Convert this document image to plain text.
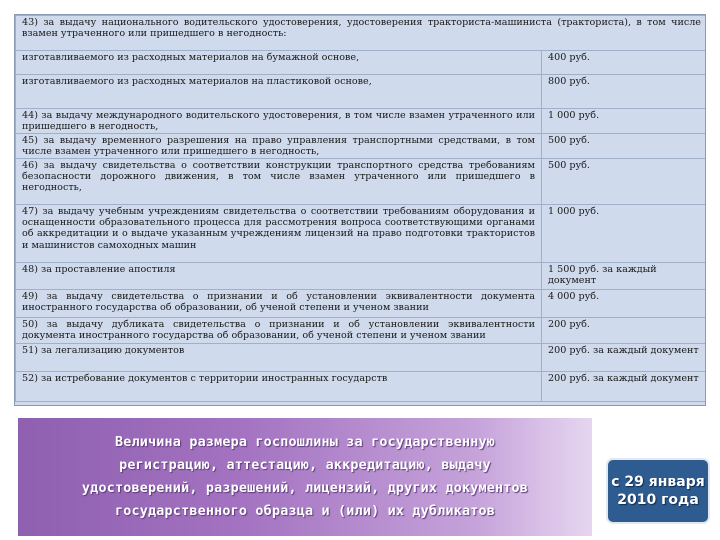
43) за выдачу национального водительского удостоверения, удостоверения тракториста-машиниста (тракториста), в том числе взамен утраченного или пришедшего в негодность:	
изготавливаемого из расходных материалов на бумажной основе,	400 руб.
изготавливаемого из расходных материалов на пластиковой основе,	800 руб.
44) за выдачу международного водительского удостоверения, в том числе взамен утраченного или пришедшего в негодность,	1 000 руб.
45) за выдачу временного разрешения на право управления транспортными средствами, в том числе взамен утраченного или пришедшего в негодность,	500 руб.
46) за выдачу свидетельства о соответствии конструкции транспортного средства требованиям безопасности дорожного движения, в том числе взамен утраченного или пришедшего в негодность,	500 руб.
47) за выдачу учебным учреждениям свидетельства о соответствии требованиям оборудования и оснащенности образовательного процесса для рассмотрения вопроса соответствующими органами об аккредитации и о выдаче указанным учреждениям лицензий на право подготовки трактористов и машинистов самоходных машин	1 000 руб.
48) за проставление апостиля	1 500 руб. за каждый документ
49) за выдачу свидетельства о признании и об установлении эквивалентности документа иностранного государства об образовании, об ученой степени и ученом звании	4 000 руб.
50) за выдачу дубликата свидетельства о признании и об установлении эквивалентности документа иностранного государства об образовании, об ученой степени и ученом звании	200 руб.
51) за легализацию документов	200 руб. за каждый документ
52) за истребование документов с территории иностранных государств	200 руб. за каждый документ
Величина размера госпошлины за государственную
регистрацию, аттестацию, аккредитацию, выдачу
удостоверений, разрешений, лицензий, других документов
государственного образца и (или) их дубликатов
с 29 января
2010 года
